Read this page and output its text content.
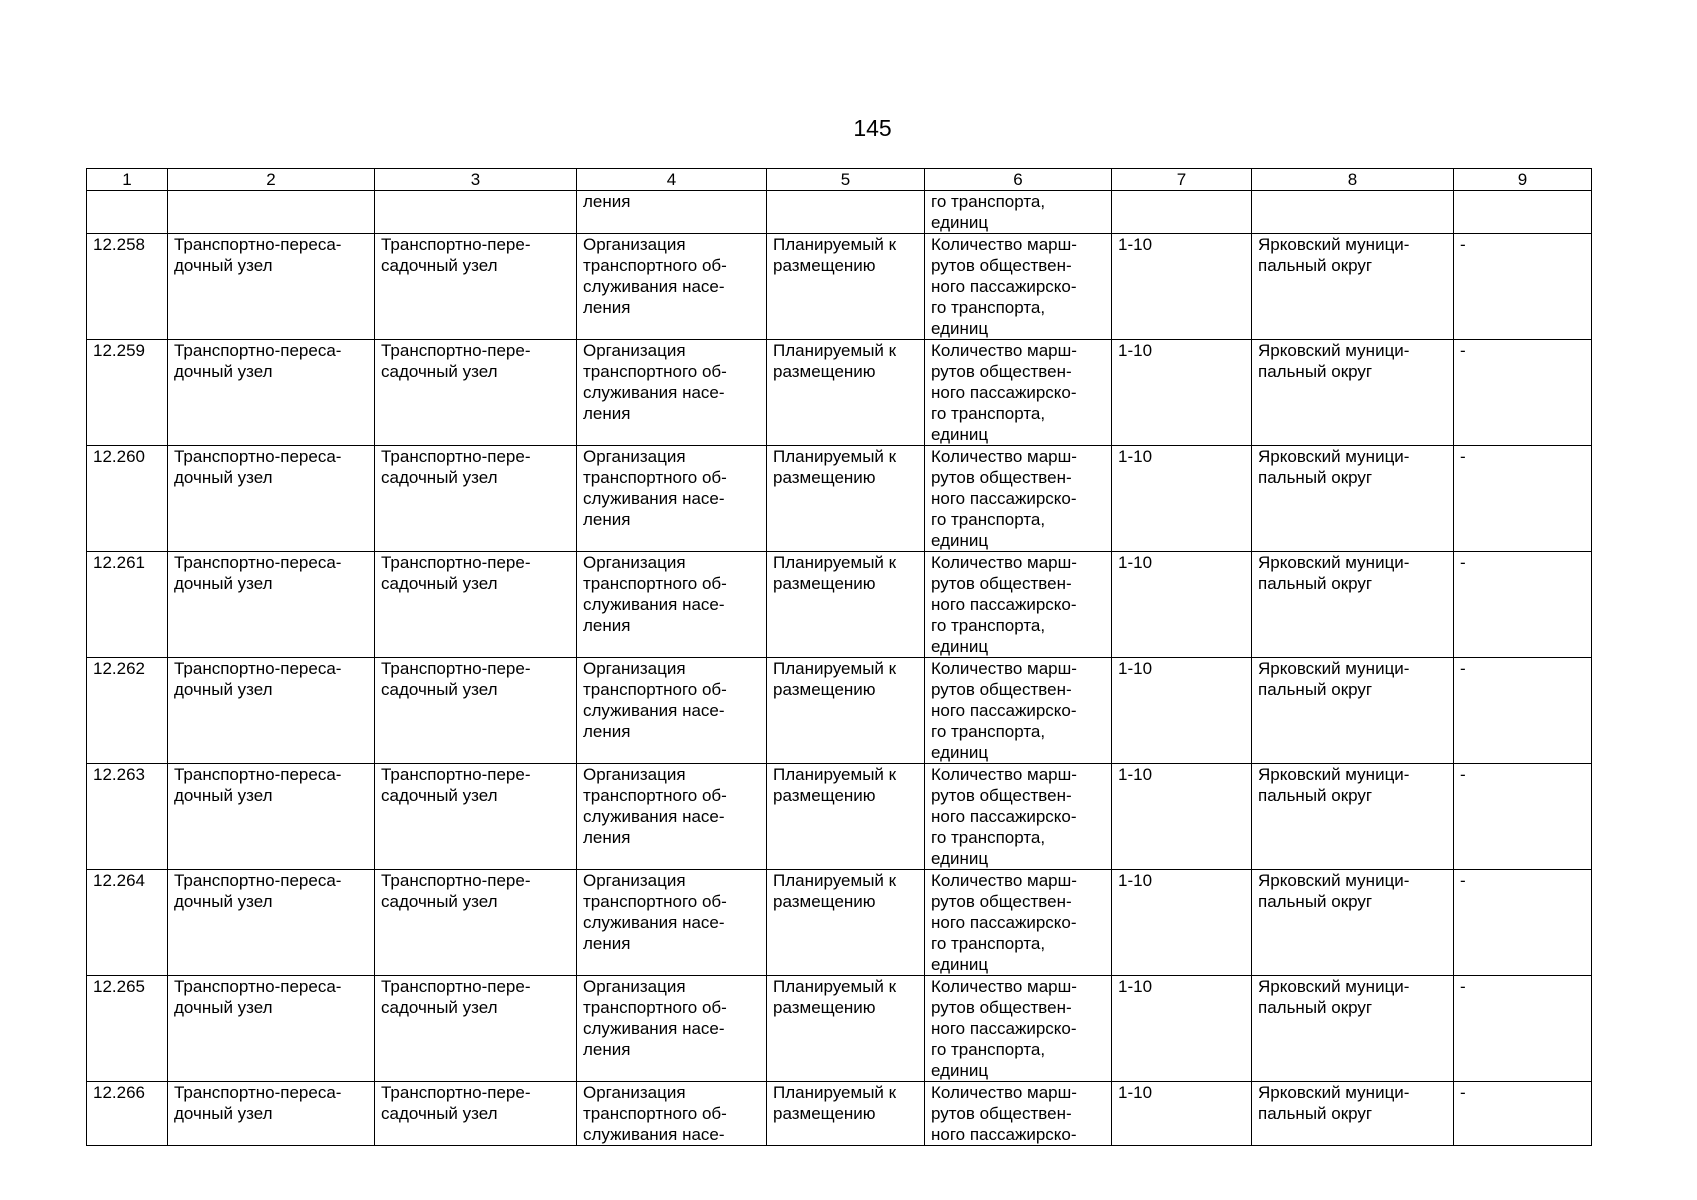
145
1	2	3	4	5	6	7	8	9
			ления		го транспорта,
единиц			

12.258	Транспортно-переса-
дочный узел	Транспортно-пере-
садочный узел	Организация
транспортного об-
служивания насе-
ления	Планируемый к
размещению	Количество марш-
рутов обществен-
ного пассажирско-
го транспорта,
единиц	1-10	Ярковский муници-
пальный округ	-
12.259	Транспортно-переса-
дочный узел	Транспортно-пере-
садочный узел	Организация
транспортного об-
служивания насе-
ления	Планируемый к
размещению	Количество марш-
рутов обществен-
ного пассажирско-
го транспорта,
единиц	1-10	Ярковский муници-
пальный округ	-
12.260	Транспортно-переса-
дочный узел	Транспортно-пере-
садочный узел	Организация
транспортного об-
служивания насе-
ления	Планируемый к
размещению	Количество марш-
рутов обществен-
ного пассажирско-
го транспорта,
единиц	1-10	Ярковский муници-
пальный округ	-
12.261	Транспортно-переса-
дочный узел	Транспортно-пере-
садочный узел	Организация
транспортного об-
служивания насе-
ления	Планируемый к
размещению	Количество марш-
рутов обществен-
ного пассажирско-
го транспорта,
единиц	1-10	Ярковский муници-
пальный округ	-
12.262	Транспортно-переса-
дочный узел	Транспортно-пере-
садочный узел	Организация
транспортного об-
служивания насе-
ления	Планируемый к
размещению	Количество марш-
рутов обществен-
ного пассажирско-
го транспорта,
единиц	1-10	Ярковский муници-
пальный округ	-
12.263	Транспортно-переса-
дочный узел	Транспортно-пере-
садочный узел	Организация
транспортного об-
служивания насе-
ления	Планируемый к
размещению	Количество марш-
рутов обществен-
ного пассажирско-
го транспорта,
единиц	1-10	Ярковский муници-
пальный округ	-
12.264	Транспортно-переса-
дочный узел	Транспортно-пере-
садочный узел	Организация
транспортного об-
служивания насе-
ления	Планируемый к
размещению	Количество марш-
рутов обществен-
ного пассажирско-
го транспорта,
единиц	1-10	Ярковский муници-
пальный округ	-
12.265	Транспортно-переса-
дочный узел	Транспортно-пере-
садочный узел	Организация
транспортного об-
служивания насе-
ления	Планируемый к
размещению	Количество марш-
рутов обществен-
ного пассажирско-
го транспорта,
единиц	1-10	Ярковский муници-
пальный округ	-
12.266	Транспортно-переса-
дочный узел	Транспортно-пере-
садочный узел	Организация
транспортного об-
служивания насе-	Планируемый к
размещению	Количество марш-
рутов обществен-
ного пассажирско-	1-10	Ярковский муници-
пальный округ	-
